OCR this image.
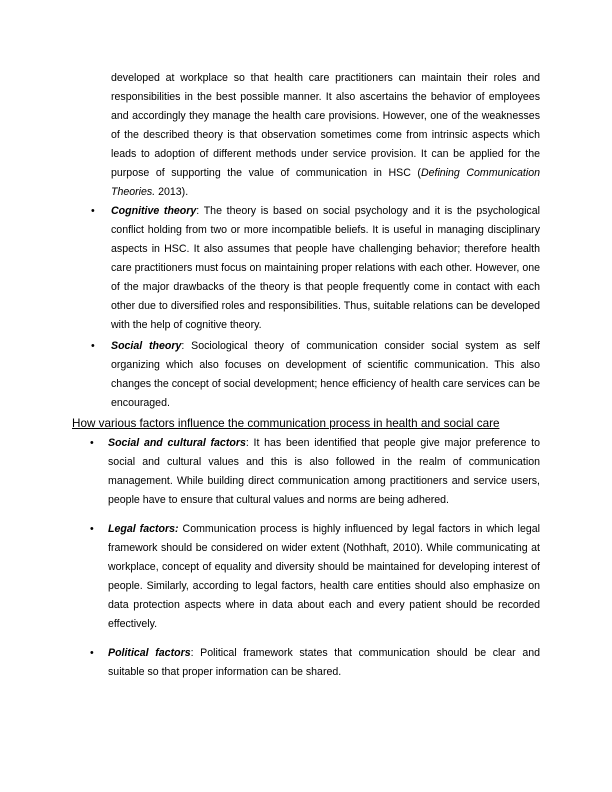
developed at workplace so that health care practitioners can maintain their roles and responsibilities in the best possible manner. It also ascertains the behavior of employees and accordingly they manage the health care provisions. However, one of the weaknesses of the described theory is that observation sometimes come from intrinsic aspects which leads to adoption of different methods under service provision. It can be applied for the purpose of supporting the value of communication in HSC (Defining Communication Theories. 2013).

• Cognitive theory: The theory is based on social psychology and it is the psychological conflict holding from two or more incompatible beliefs. It is useful in managing disciplinary aspects in HSC. It also assumes that people have challenging behavior; therefore health care practitioners must focus on maintaining proper relations with each other. However, one of the major drawbacks of the theory is that people frequently come in contact with each other due to diversified roles and responsibilities. Thus, suitable relations can be developed with the help of cognitive theory.
• Social theory: Sociological theory of communication consider social system as self organizing which also focuses on development of scientific communication. This also changes the concept of social development; hence efficiency of health care services can be encouraged.
How various factors influence the communication process in health and social care
• Social and cultural factors: It has been identified that people give major preference to social and cultural values and this is also followed in the realm of communication management. While building direct communication among practitioners and service users, people have to ensure that cultural values and norms are being adhered.
• Legal factors: Communication process is highly influenced by legal factors in which legal framework should be considered on wider extent (Nothhaft, 2010). While communicating at workplace, concept of equality and diversity should be maintained for developing interest of people. Similarly, according to legal factors, health care entities should also emphasize on data protection aspects where in data about each and every patient should be recorded effectively.
• Political factors: Political framework states that communication should be clear and suitable so that proper information can be shared.
